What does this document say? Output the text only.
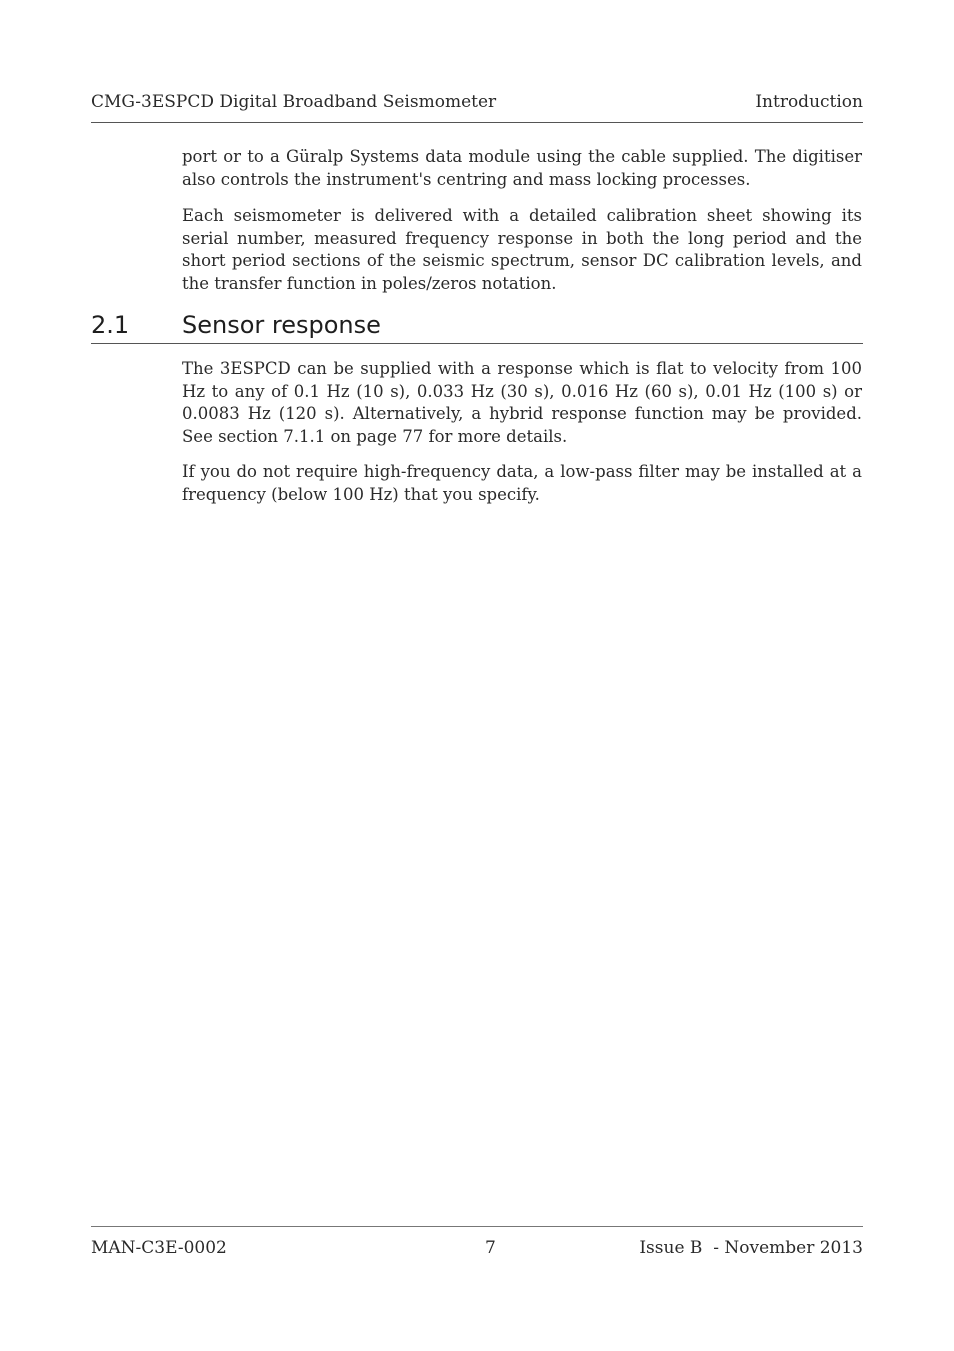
CMG-3ESPCD Digital Broadband Seismometer	Introduction

port or to a Güralp Systems data module using the cable supplied. The digitiser also controls the instrument's centring and mass locking processes.

Each seismometer is delivered with a detailed calibration sheet showing its serial number, measured frequency response in both the long period and the short period sections of the seismic spectrum, sensor DC calibration levels, and the transfer function in poles/zeros notation.

2.1 Sensor response

The 3ESPCD can be supplied with a response which is flat to velocity from 100 Hz to any of 0.1 Hz (10 s), 0.033 Hz (30 s), 0.016 Hz (60 s), 0.01 Hz (100 s) or 0.0083 Hz (120 s). Alternatively, a hybrid response function may be provided. See section 7.1.1 on page 77 for more details.

If you do not require high-frequency data, a low-pass filter may be installed at a frequency (below 100 Hz) that you specify.

MAN-C3E-0002	7	Issue B  - November 2013
